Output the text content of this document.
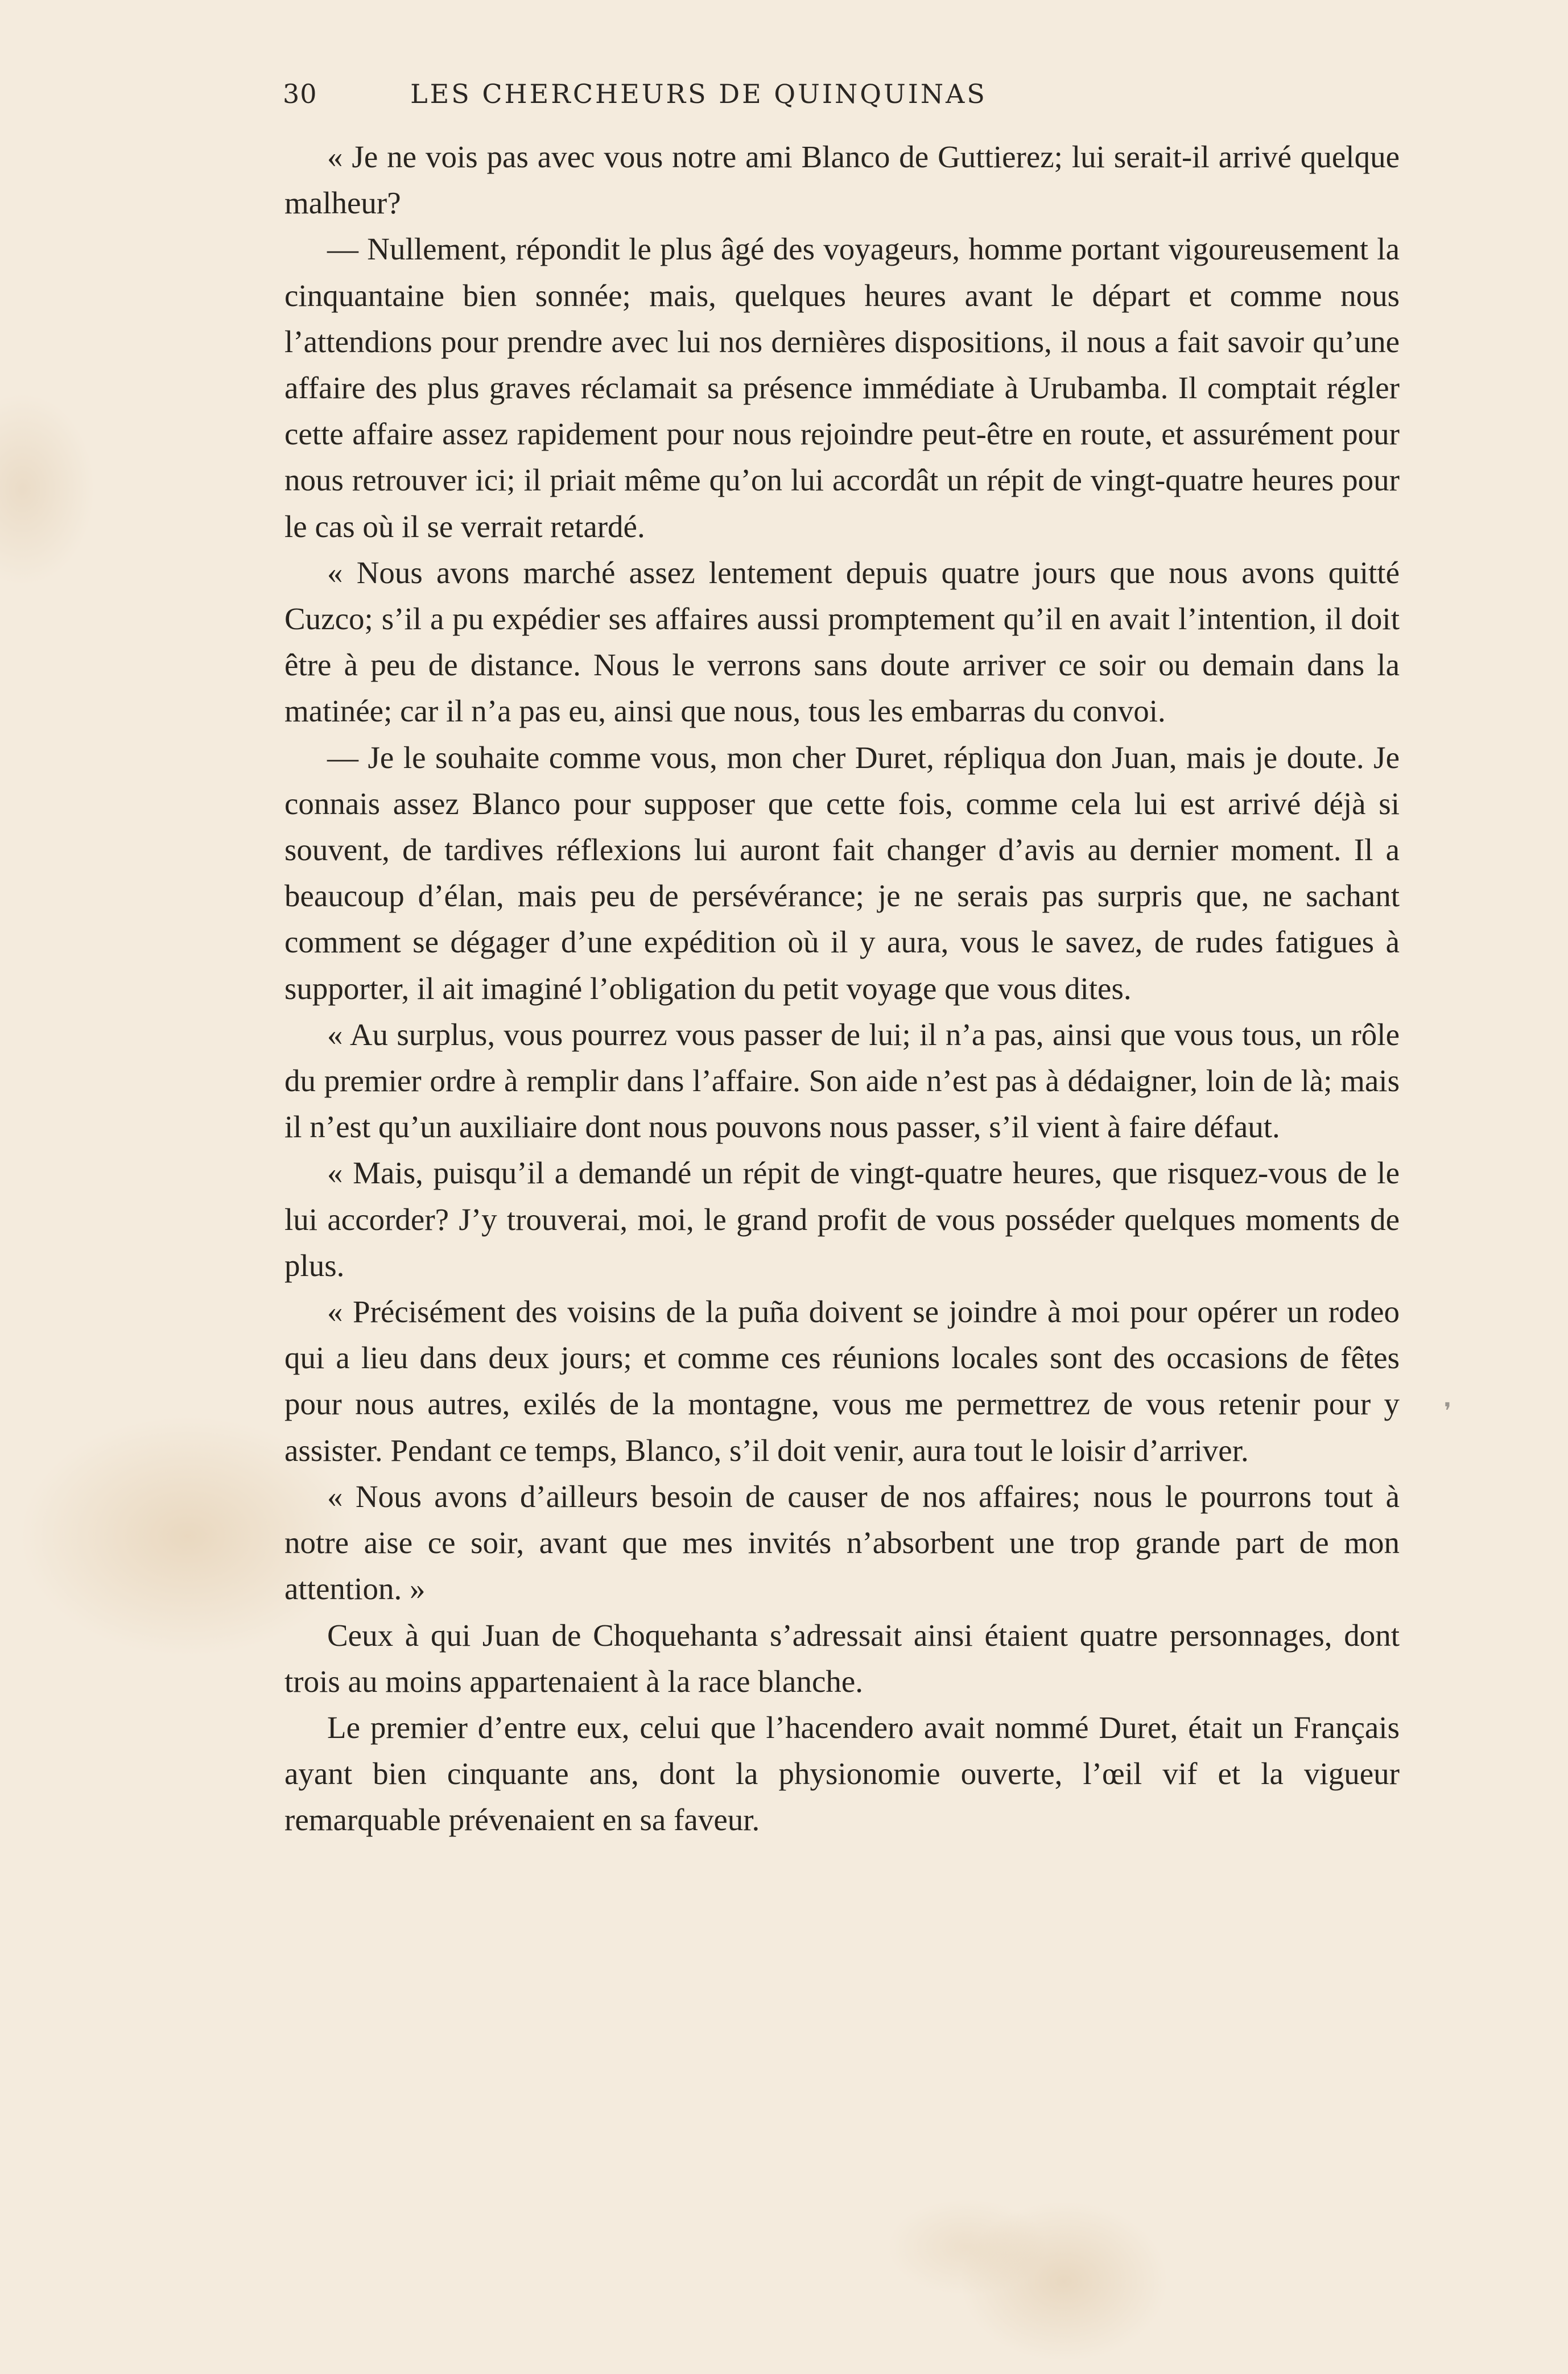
30	LES CHERCHEURS DE QUINQUINAS

« Je ne vois pas avec vous notre ami Blanco de Guttierez; lui serait-il arrivé quelque malheur?

— Nullement, répondit le plus âgé des voyageurs, homme portant vigoureusement la cinquantaine bien sonnée; mais, quelques heures avant le départ et comme nous l’attendions pour prendre avec lui nos dernières dispositions, il nous a fait savoir qu’une affaire des plus graves réclamait sa présence immédiate à Urubamba. Il comptait régler cette affaire assez rapidement pour nous rejoindre peut-être en route, et assurément pour nous retrouver ici; il priait même qu’on lui accordât un répit de vingt-quatre heures pour le cas où il se verrait retardé.

« Nous avons marché assez lentement depuis quatre jours que nous avons quitté Cuzco; s’il a pu expédier ses affaires aussi promptement qu’il en avait l’intention, il doit être à peu de distance. Nous le verrons sans doute arriver ce soir ou demain dans la matinée; car il n’a pas eu, ainsi que nous, tous les embarras du convoi.

— Je le souhaite comme vous, mon cher Duret, répliqua don Juan, mais je doute. Je connais assez Blanco pour supposer que cette fois, comme cela lui est arrivé déjà si souvent, de tardives réflexions lui auront fait changer d’avis au dernier moment. Il a beaucoup d’élan, mais peu de persévérance; je ne serais pas surpris que, ne sachant comment se dégager d’une expédition où il y aura, vous le savez, de rudes fatigues à supporter, il ait imaginé l’obligation du petit voyage que vous dites.

« Au surplus, vous pourrez vous passer de lui; il n’a pas, ainsi que vous tous, un rôle du premier ordre à remplir dans l’affaire. Son aide n’est pas à dédaigner, loin de là; mais il n’est qu’un auxiliaire dont nous pouvons nous passer, s’il vient à faire défaut.

« Mais, puisqu’il a demandé un répit de vingt-quatre heures, que risquez-vous de le lui accorder? J’y trouverai, moi, le grand profit de vous posséder quelques moments de plus.

« Précisément des voisins de la puña doivent se joindre à moi pour opérer un rodeo qui a lieu dans deux jours; et comme ces réunions locales sont des occasions de fêtes pour nous autres, exilés de la montagne, vous me permettrez de vous retenir pour y assister. Pendant ce temps, Blanco, s’il doit venir, aura tout le loisir d’arriver.

« Nous avons d’ailleurs besoin de causer de nos affaires; nous le pourrons tout à notre aise ce soir, avant que mes invités n’absorbent une trop grande part de mon attention. »

Ceux à qui Juan de Choquehanta s’adressait ainsi étaient quatre personnages, dont trois au moins appartenaient à la race blanche.

Le premier d’entre eux, celui que l’hacendero avait nommé Duret, était un Français ayant bien cinquante ans, dont la physionomie ouverte, l’œil vif et la vigueur remarquable prévenaient en sa faveur.

❜
